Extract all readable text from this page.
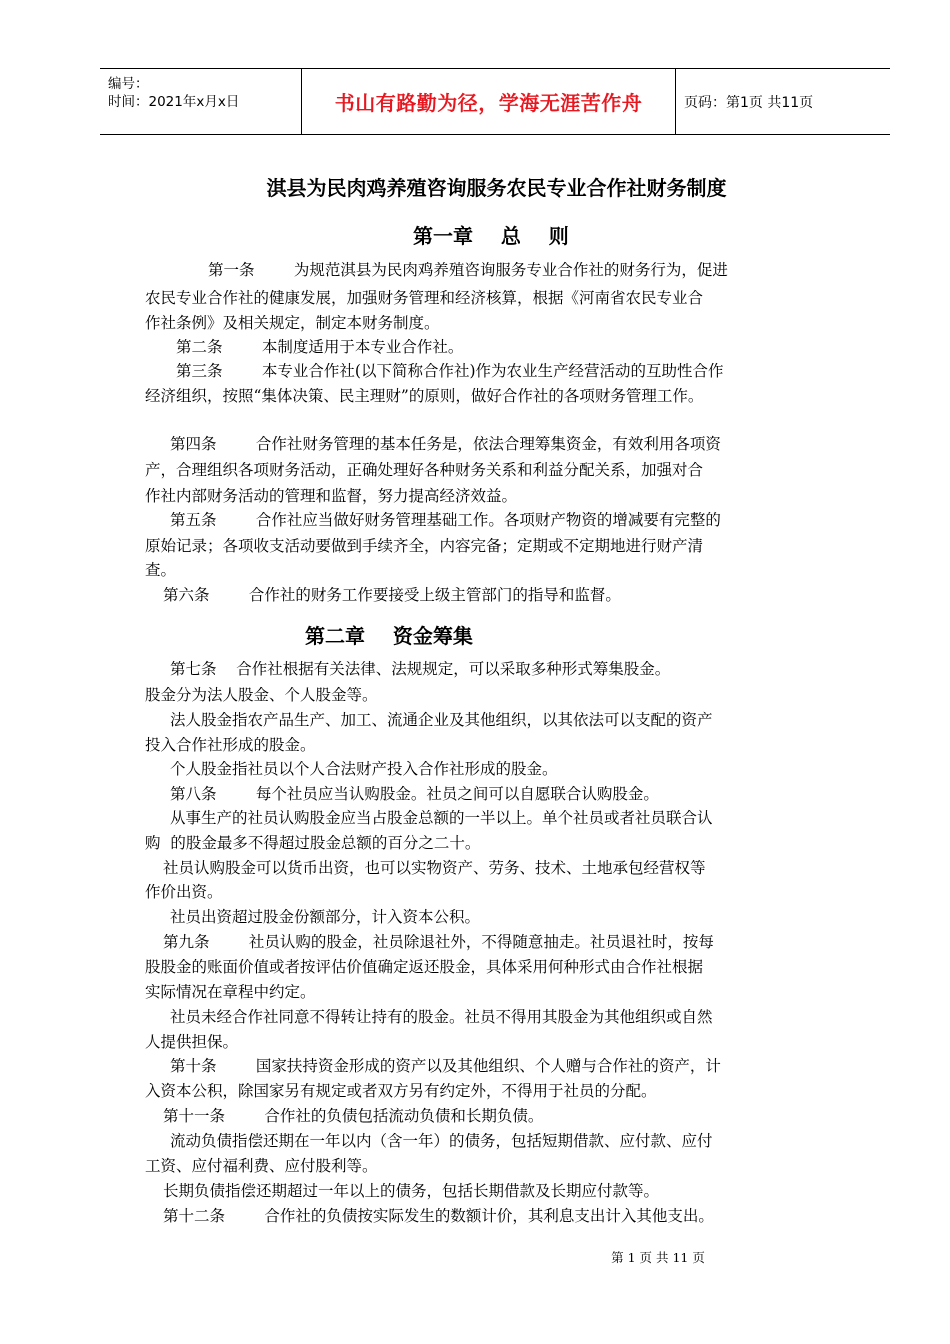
编号：
时间：2021年x月x日	书山有路勤为径，学海无涯苦作舟	页码：第1页 共11页
淇县为民肉鸡养殖咨询服务农民专业合作社财务制度
第一章    总    则
第一条        为规范淇县为民肉鸡养殖咨询服务专业合作社的财务行为，促进
农民专业合作社的健康发展，加强财务管理和经济核算，根据《河南省农民专业合
作社条例》及相关规定，制定本财务制度。
第二条        本制度适用于本专业合作社。
第三条        本专业合作社(以下简称合作社)作为农业生产经营活动的互助性合作
经济组织，按照“集体决策、民主理财”的原则，做好合作社的各项财务管理工作。
第四条        合作社财务管理的基本任务是，依法合理筹集资金，有效利用各项资
产，合理组织各项财务活动，正确处理好各种财务关系和利益分配关系，加强对合
作社内部财务活动的管理和监督，努力提高经济效益。
第五条        合作社应当做好财务管理基础工作。各项财产物资的增减要有完整的
原始记录；各项收支活动要做到手续齐全，内容完备；定期或不定期地进行财产清
查。
第六条        合作社的财务工作要接受上级主管部门的指导和监督。
第二章    资金筹集
第七条    合作社根据有关法律、法规规定，可以采取多种形式筹集股金。
股金分为法人股金、个人股金等。
法人股金指农产品生产、加工、流通企业及其他组织，以其依法可以支配的资产
投入合作社形成的股金。
个人股金指社员以个人合法财产投入合作社形成的股金。
第八条        每个社员应当认购股金。社员之间可以自愿联合认购股金。
从事生产的社员认购股金应当占股金总额的一半以上。单个社员或者社员联合认
购  的股金最多不得超过股金总额的百分之二十。
社员认购股金可以货币出资，也可以实物资产、劳务、技术、土地承包经营权等
作价出资。
社员出资超过股金份额部分，计入资本公积。
第九条        社员认购的股金，社员除退社外，不得随意抽走。社员退社时，按每
股股金的账面价值或者按评估价值确定返还股金，具体采用何种形式由合作社根据
实际情况在章程中约定。
社员未经合作社同意不得转让持有的股金。社员不得用其股金为其他组织或自然
人提供担保。
第十条        国家扶持资金形成的资产以及其他组织、个人赠与合作社的资产，计
入资本公积，除国家另有规定或者双方另有约定外，不得用于社员的分配。
第十一条        合作社的负债包括流动负债和长期负债。
流动负债指偿还期在一年以内（含一年）的债务，包括短期借款、应付款、应付
工资、应付福利费、应付股利等。
长期负债指偿还期超过一年以上的债务，包括长期借款及长期应付款等。
第十二条        合作社的负债按实际发生的数额计价，其利息支出计入其他支出。
第 1 页 共 11 页
